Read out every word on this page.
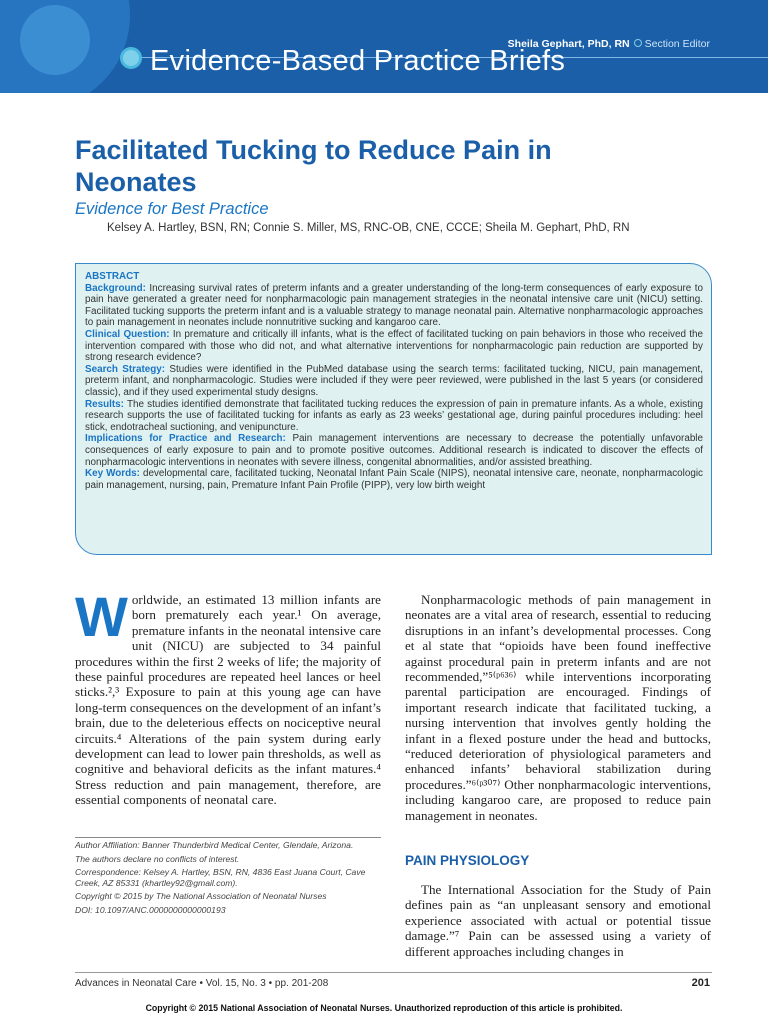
Sheila Gephart, PhD, RN Section Editor
Evidence-Based Practice Briefs
Facilitated Tucking to Reduce Pain in Neonates
Evidence for Best Practice
Kelsey A. Hartley, BSN, RN; Connie S. Miller, MS, RNC-OB, CNE, CCCE; Sheila M. Gephart, PhD, RN
ABSTRACT

Background: Increasing survival rates of preterm infants and a greater understanding of the long-term consequences of early exposure to pain have generated a greater need for nonpharmacologic pain management strategies in the neonatal intensive care unit (NICU) setting. Facilitated tucking supports the preterm infant and is a valuable strategy to manage neonatal pain. Alternative nonpharmacologic approaches to pain management in neonates include nonnutritive sucking and kangaroo care.

Clinical Question: In premature and critically ill infants, what is the effect of facilitated tucking on pain behaviors in those who received the intervention compared with those who did not, and what alternative interventions for nonpharmacologic pain reduction are supported by strong research evidence?

Search Strategy: Studies were identified in the PubMed database using the search terms: facilitated tucking, NICU, pain management, preterm infant, and nonpharmacologic. Studies were included if they were peer reviewed, were published in the last 5 years (or considered classic), and if they used experimental study designs.

Results: The studies identified demonstrate that facilitated tucking reduces the expression of pain in premature infants. As a whole, existing research supports the use of facilitated tucking for infants as early as 23 weeks’ gestational age, during painful procedures including: heel stick, endotracheal suctioning, and venipuncture.

Implications for Practice and Research: Pain management interventions are necessary to decrease the potentially unfavorable consequences of early exposure to pain and to promote positive outcomes. Additional research is indicated to discover the effects of nonpharmacologic interventions in neonates with severe illness, congenital abnormalities, and/or assisted breathing.

Key Words: developmental care, facilitated tucking, Neonatal Infant Pain Scale (NIPS), neonatal intensive care, neonate, nonpharmacologic pain management, nursing, pain, Premature Infant Pain Profile (PIPP), very low birth weight

Worldwide, an estimated 13 million infants are born prematurely each year.¹ On average, premature infants in the neonatal intensive care unit (NICU) are subjected to 34 painful procedures within the first 2 weeks of life; the majority of these painful procedures are repeated heel lances or heel sticks.²,³ Exposure to pain at this young age can have long-term consequences on the development of an infant’s brain, due to the deleterious effects on nociceptive neural circuits.⁴ Alterations of the pain system during early development can lead to lower pain thresholds, as well as cognitive and behavioral deficits as the infant matures.⁴ Stress reduction and pain management, therefore, are essential components of neonatal care.

Nonpharmacologic methods of pain management in neonates are a vital area of research, essential to reducing disruptions in an infant’s developmental processes. Cong et al state that “opioids have been found ineffective against procedural pain in preterm infants and are not recommended,”⁵⁽ᵖ⁶³⁶⁾ while interventions incorporating parental participation are encouraged. Findings of important research indicate that facilitated tucking, a nursing intervention that involves gently holding the infant in a flexed posture under the head and buttocks, “reduced deterioration of physiological parameters and enhanced infants’ behavioral stabilization during procedures.”⁶⁽ᵖ³⁰⁷⁾ Other nonpharmacologic interventions, including kangaroo care, are proposed to reduce pain management in neonates.

PAIN PHYSIOLOGY

The International Association for the Study of Pain defines pain as “an unpleasant sensory and emotional experience associated with actual or potential tissue damage.”⁷ Pain can be assessed using a variety of different approaches including changes in

Author Affiliation: Banner Thunderbird Medical Center, Glendale, Arizona.

The authors declare no conflicts of interest.

Correspondence: Kelsey A. Hartley, BSN, RN, 4836 East Juana Court, Cave Creek, AZ 85331 (khartley92@gmail.com).

Copyright © 2015 by The National Association of Neonatal Nurses

DOI: 10.1097/ANC.0000000000000193

Advances in Neonatal Care • Vol. 15, No. 3 • pp. 201-208	201
Copyright © 2015 National Association of Neonatal Nurses. Unauthorized reproduction of this article is prohibited.
